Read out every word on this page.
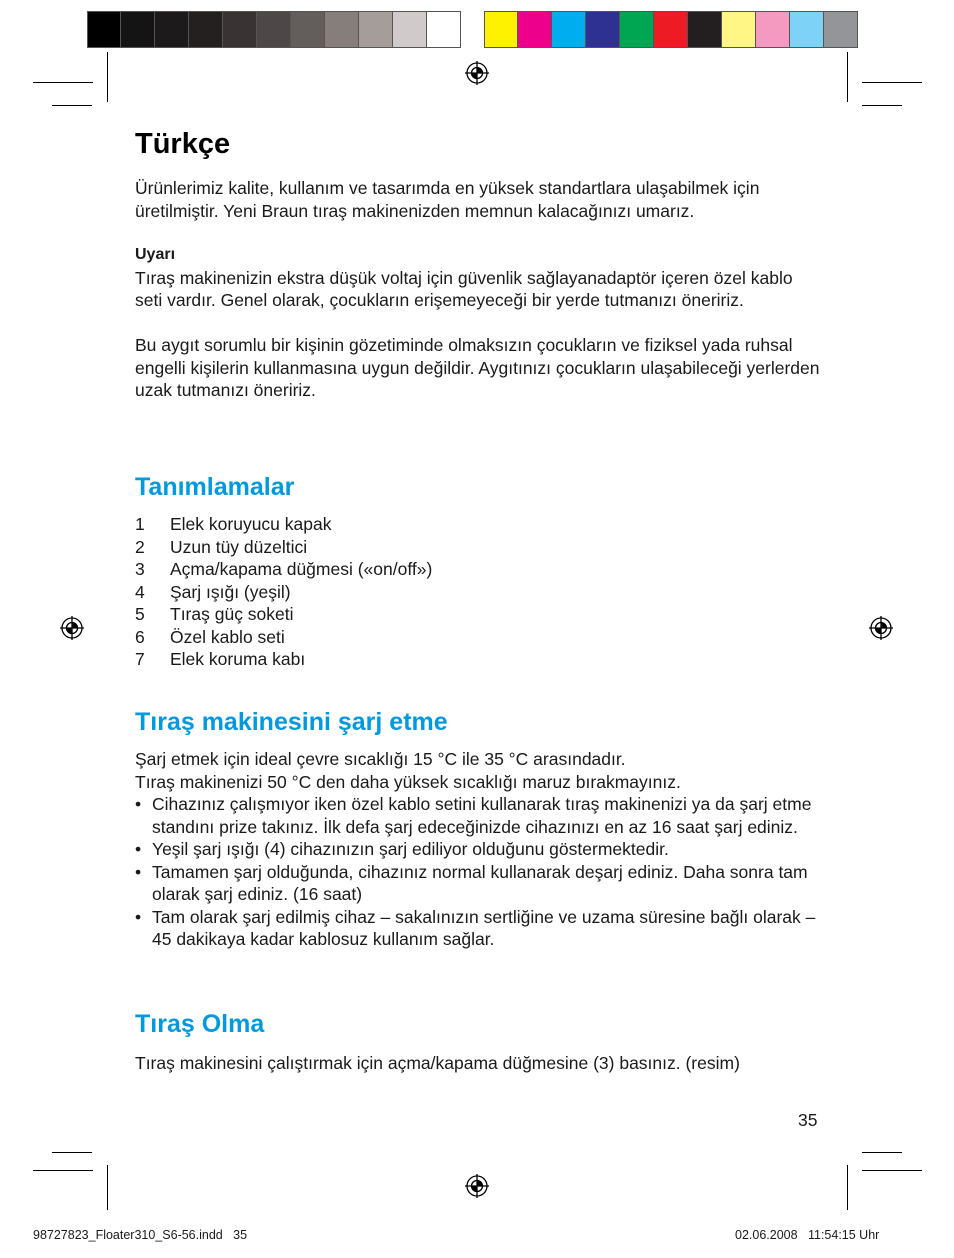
Türkçe

Ürünlerimiz kalite, kullanım ve tasarımda en yüksek standartlara ulaşabilmek için üretilmiştir. Yeni Braun tıraş makinenizden memnun kalacağınızı umarız.

Uyarı

Tıraş makinenizin ekstra düşük voltaj için güvenlik sağlayanadaptör içeren özel kablo seti vardır. Genel olarak, çocukların erişemeyeceği bir yerde tutmanızı öneririz.

Bu aygıt sorumlu bir kişinin gözetiminde olmaksızın çocukların ve fiziksel yada ruhsal engelli kişilerin kullanmasına uygun değildir. Aygıtınızı çocukların ulaşabileceği yerlerden uzak tutmanızı öneririz.

Tanımlamalar
1	Elek koruyucu kapak
2	Uzun tüy düzeltici
3	Açma/kapama düğmesi («on/off»)
4	Şarj ışığı (yeşil)
5	Tıraş güç soketi
6	Özel kablo seti
7	Elek koruma kabı
Tıraş makinesini şarj etme

Şarj etmek için ideal çevre sıcaklığı 15 °C ile 35 °C arasındadır.

Tıraş makinenizi 50 °C den daha yüksek sıcaklığı maruz bırakmayınız.

• Cihazınız çalışmıyor iken özel kablo setini kullanarak tıraş makinenizi ya da şarj etme standını prize takınız. İlk defa şarj edeceğinizde cihazınızı en az 16 saat şarj ediniz.
• Yeşil şarj ışığı (4) cihazınızın şarj ediliyor olduğunu göstermektedir.
• Tamamen şarj olduğunda, cihazınız normal kullanarak deşarj ediniz. Daha sonra tam olarak şarj ediniz. (16 saat)
• Tam olarak şarj edilmiş cihaz – sakalınızın sertliğine ve uzama süresine bağlı olarak – 45 dakikaya kadar kablosuz kullanım sağlar.
Tıraş Olma
Tıraş makinesini çalıştırmak için açma/kapama düğmesine (3) basınız. (resim)
35
98727823_Floater310_S6-56.indd   35	02.06.2008   11:54:15 Uhr
